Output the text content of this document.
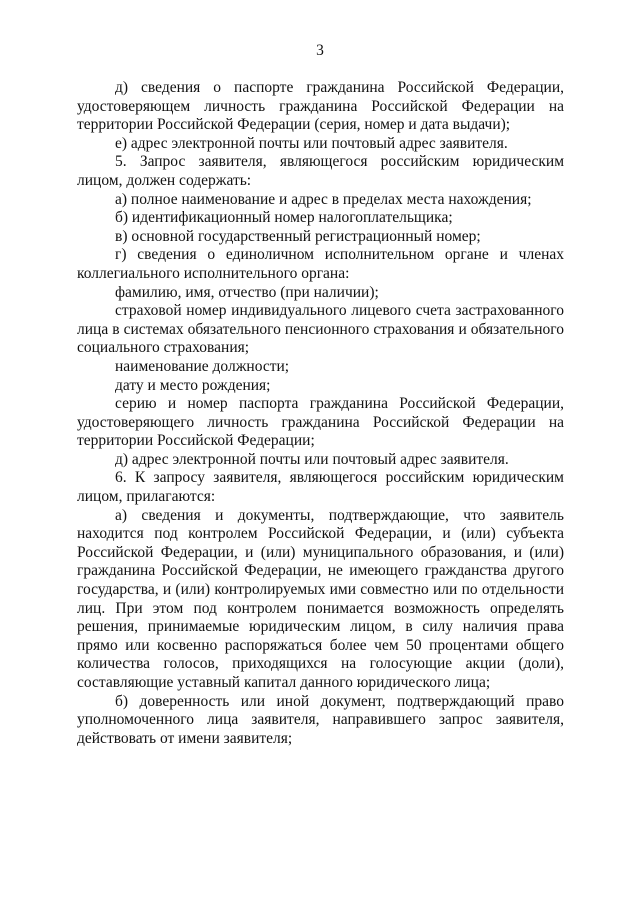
3

д) сведения о паспорте гражданина Российской Федерации, удостоверяющем личность гражданина Российской Федерации на территории Российской Федерации (серия, номер и дата выдачи);

е) адрес электронной почты или почтовый адрес заявителя.

5. Запрос заявителя, являющегося российским юридическим лицом, должен содержать:

а) полное наименование и адрес в пределах места нахождения;

б) идентификационный номер налогоплательщика;

в) основной государственный регистрационный номер;

г) сведения о единоличном исполнительном органе и членах коллегиального исполнительного органа:

фамилию, имя, отчество (при наличии);

страховой номер индивидуального лицевого счета застрахованного лица в системах обязательного пенсионного страхования и обязательного социального страхования;

наименование должности;

дату и место рождения;

серию и номер паспорта гражданина Российской Федерации, удостоверяющего личность гражданина Российской Федерации на территории Российской Федерации;

д) адрес электронной почты или почтовый адрес заявителя.

6. К запросу заявителя, являющегося российским юридическим лицом, прилагаются:

а) сведения и документы, подтверждающие, что заявитель находится под контролем Российской Федерации, и (или) субъекта Российской Федерации, и (или) муниципального образования, и (или) гражданина Российской Федерации, не имеющего гражданства другого государства, и (или) контролируемых ими совместно или по отдельности лиц. При этом под контролем понимается возможность определять решения, принимаемые юридическим лицом, в силу наличия права прямо или косвенно распоряжаться более чем 50 процентами общего количества голосов, приходящихся на голосующие акции (доли), составляющие уставный капитал данного юридического лица;

б) доверенность или иной документ, подтверждающий право уполномоченного лица заявителя, направившего запрос заявителя, действовать от имени заявителя;
